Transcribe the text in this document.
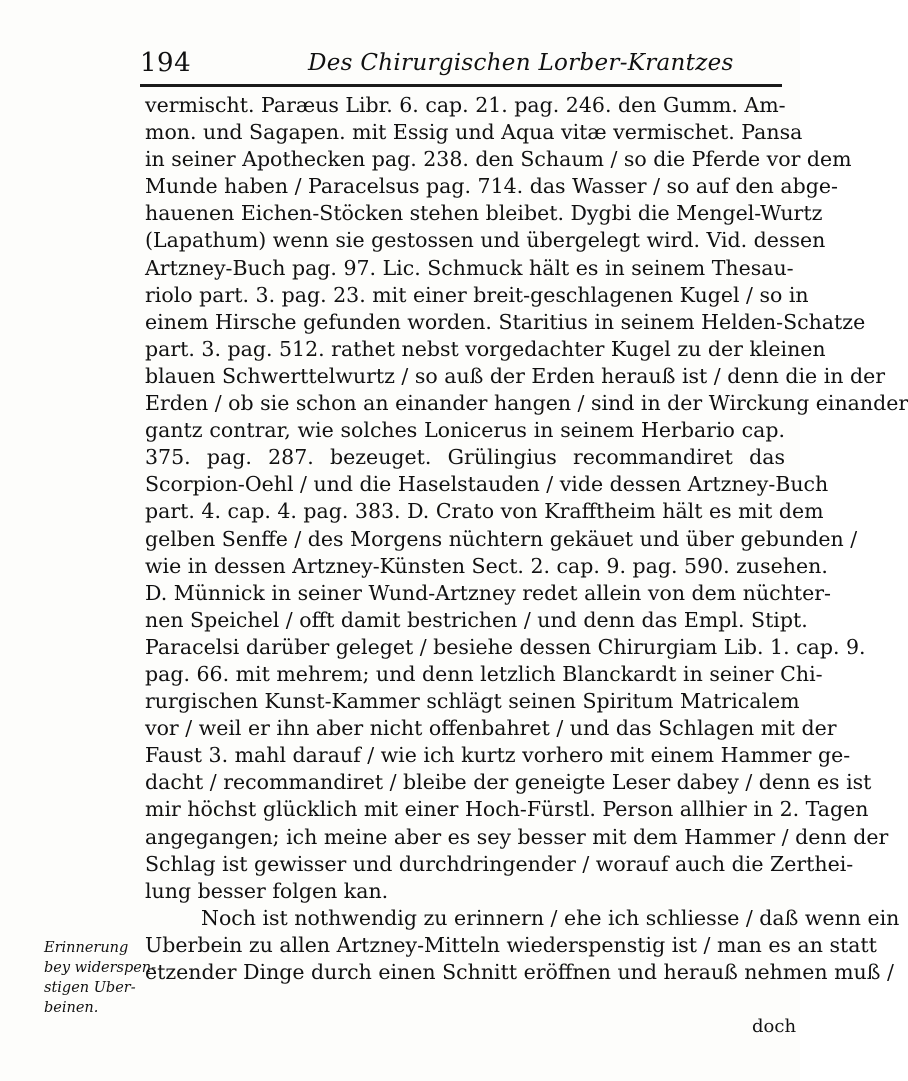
194	Des Chirurgischen Lorber-Krantzes
vermischt. Paræus Libr. 6. cap. 21. pag. 246. den Gumm. Am-
mon. und Sagapen. mit Essig und Aqua vitæ vermischet. Pansa
in seiner Apothecken pag. 238. den Schaum / so die Pferde vor dem
Munde haben / Paracelsus pag. 714. das Wasser / so auf den abge-
hauenen Eichen-Stöcken stehen bleibet. Dygbi die Mengel-Wurtz
(Lapathum) wenn sie gestossen und übergelegt wird. Vid. dessen
Artzney-Buch pag. 97. Lic. Schmuck hält es in seinem Thesau-
riolo part. 3. pag. 23. mit einer breit-geschlagenen Kugel / so in
einem Hirsche gefunden worden. Staritius in seinem Helden-Schatze
part. 3. pag. 512. rathet nebst vorgedachter Kugel zu der kleinen
blauen Schwerttelwurtz / so auß der Erden herauß ist / denn die in der
Erden / ob sie schon an einander hangen / sind in der Wirckung einander
gantz contrar, wie solches Lonicerus in seinem Herbario cap.
375. pag. 287. bezeuget. Grülingius recommandiret das
Scorpion-Oehl / und die Haselstauden / vide dessen Artzney-Buch
part. 4. cap. 4. pag. 383. D. Crato von Krafftheim hält es mit dem
gelben Senffe / des Morgens nüchtern gekäuet und über gebunden /
wie in dessen Artzney-Künsten Sect. 2. cap. 9. pag. 590. zusehen.
D. Münnick in seiner Wund-Artzney redet allein von dem nüchter-
nen Speichel / offt damit bestrichen / und denn das Empl. Stipt.
Paracelsi darüber geleget / besiehe dessen Chirurgiam Lib. 1. cap. 9.
pag. 66. mit mehrem; und denn letzlich Blanckardt in seiner Chi-
rurgischen Kunst-Kammer schlägt seinen Spiritum Matricalem
vor / weil er ihn aber nicht offenbahret / und das Schlagen mit der
Faust 3. mahl darauf / wie ich kurtz vorhero mit einem Hammer ge-
dacht / recommandiret / bleibe der geneigte Leser dabey / denn es ist
mir höchst glücklich mit einer Hoch-Fürstl. Person allhier in 2. Tagen
angegangen; ich meine aber es sey besser mit dem Hammer / denn der
Schlag ist gewisser und durchdringender / worauf auch die Zerthei-
lung besser folgen kan.
Noch ist nothwendig zu erinnern / ehe ich schliesse / daß wenn ein
Uberbein zu allen Artzney-Mitteln wiederspenstig ist / man es an statt
etzender Dinge durch einen Schnitt eröffnen und herauß nehmen muß /
Erinnerung
bey widerspen-
stigen Uber-
beinen.
doch
